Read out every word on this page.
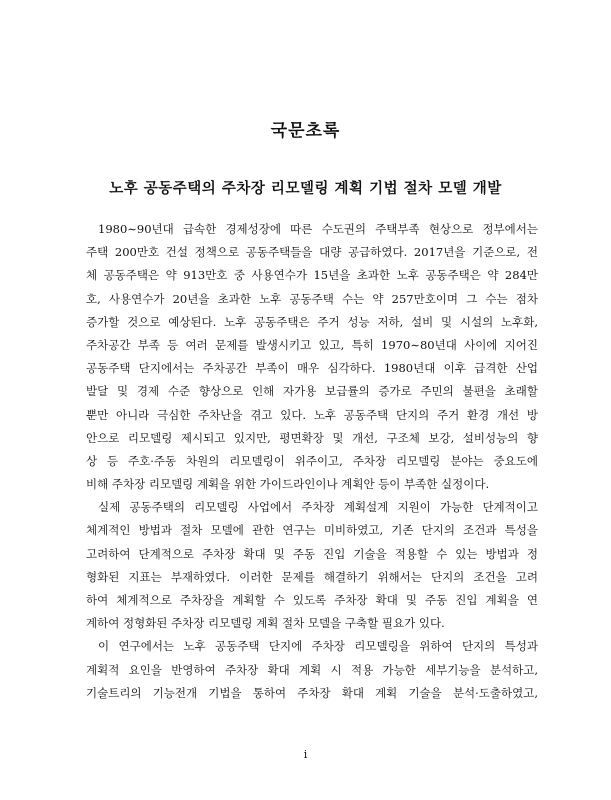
국문초록
노후 공동주택의 주차장 리모델링 계획 기법 절차 모델 개발
1980∼90년대 급속한 경제성장에 따른 수도권의 주택부족 현상으로 정부에서는
주택 200만호 건설 정책으로 공동주택들을 대량 공급하였다. 2017년을 기준으로, 전
체 공동주택은 약 913만호 중 사용연수가 15년을 초과한 노후 공동주택은 약 284만
호, 사용연수가 20년을 초과한 노후 공동주택 수는 약 257만호이며 그 수는 점차
증가할 것으로 예상된다. 노후 공동주택은 주거 성능 저하, 설비 및 시설의 노후화,
주차공간 부족 등 여러 문제를 발생시키고 있고, 특히 1970∼80년대 사이에 지어진
공동주택 단지에서는 주차공간 부족이 매우 심각하다. 1980년대 이후 급격한 산업
발달 및 경제 수준 향상으로 인해 자가용 보급률의 증가로 주민의 불편을 초래할
뿐만 아니라 극심한 주차난을 겪고 있다. 노후 공동주택 단지의 주거 환경 개선 방
안으로 리모델링 제시되고 있지만, 평면확장 및 개선, 구조체 보강, 설비성능의 향
상 등 주호·주동 차원의 리모델링이 위주이고, 주차장 리모델링 분야는 중요도에
비해 주차장 리모델링 계획을 위한 가이드라인이나 계획안 등이 부족한 실정이다.
실제 공동주택의 리모델링 사업에서 주차장 계획설계 지원이 가능한 단계적이고
체계적인 방법과 절차 모델에 관한 연구는 미비하였고, 기존 단지의 조건과 특성을
고려하여 단계적으로 주차장 확대 및 주동 진입 기술을 적용할 수 있는 방법과 정
형화된 지표는 부재하였다. 이러한 문제를 해결하기 위해서는 단지의 조건을 고려
하여 체계적으로 주차장을 계획할 수 있도록 주차장 확대 및 주동 진입 계획을 연
계하여 정형화된 주차장 리모델링 계획 절차 모델을 구축할 필요가 있다.
이 연구에서는 노후 공동주택 단지에 주차장 리모델링을 위하여 단지의 특성과
계획적 요인을 반영하여 주차장 확대 계획 시 적용 가능한 세부기능을 분석하고,
기술트리의 기능전개 기법을 통하여 주차장 확대 계획 기술을 분석·도출하였고,
i
